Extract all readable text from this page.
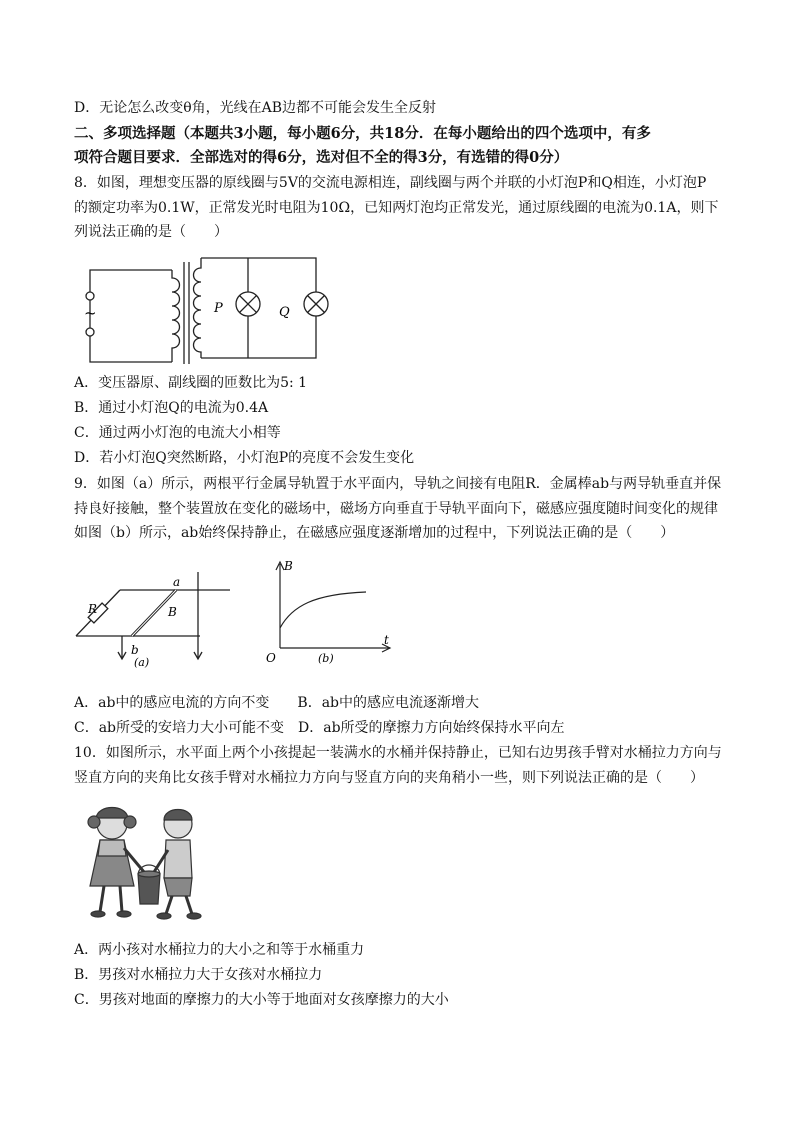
D．无论怎么改变θ角，光线在AB边都不可能会发生全反射
二、多项选择题（本题共3小题，每小题6分，共18分．在每小题给出的四个选项中，有多
项符合题目要求．全部选对的得6分，选对但不全的得3分，有选错的得0分）
8．如图，理想变压器的原线圈与5V的交流电源相连，副线圈与两个并联的小灯泡P和Q相连，小灯泡P
的额定功率为0.1W，正常发光时电阻为10Ω，已知两灯泡均正常发光，通过原线圈的电流为0.1A，则下
列说法正确的是（　　）
~	P	Q
A．变压器原、副线圈的匝数比为5: 1
B．通过小灯泡Q的电流为0.4A
C．通过两小灯泡的电流大小相等
D．若小灯泡Q突然断路，小灯泡P的亮度不会发生变化
9．如图（a）所示，两根平行金属导轨置于水平面内，导轨之间接有电阻R．金属棒ab与两导轨垂直并保
持良好接触，整个装置放在变化的磁场中，磁场方向垂直于导轨平面向下，磁感应强度随时间变化的规律
如图（b）所示，ab始终保持静止，在磁感应强度逐渐增加的过程中，下列说法正确的是（　　）
R
a
b
B
(a)
B
t
O	(b)
A．ab中的感应电流的方向不变　　B．ab中的感应电流逐渐增大
C．ab所受的安培力大小可能不变　D．ab所受的摩擦力方向始终保持水平向左
10．如图所示，水平面上两个小孩提起一装满水的水桶并保持静止，已知右边男孩手臂对水桶拉力方向与
竖直方向的夹角比女孩手臂对水桶拉力方向与竖直方向的夹角稍小一些，则下列说法正确的是（　　）
A．两小孩对水桶拉力的大小之和等于水桶重力
B．男孩对水桶拉力大于女孩对水桶拉力
C．男孩对地面的摩擦力的大小等于地面对女孩摩擦力的大小
